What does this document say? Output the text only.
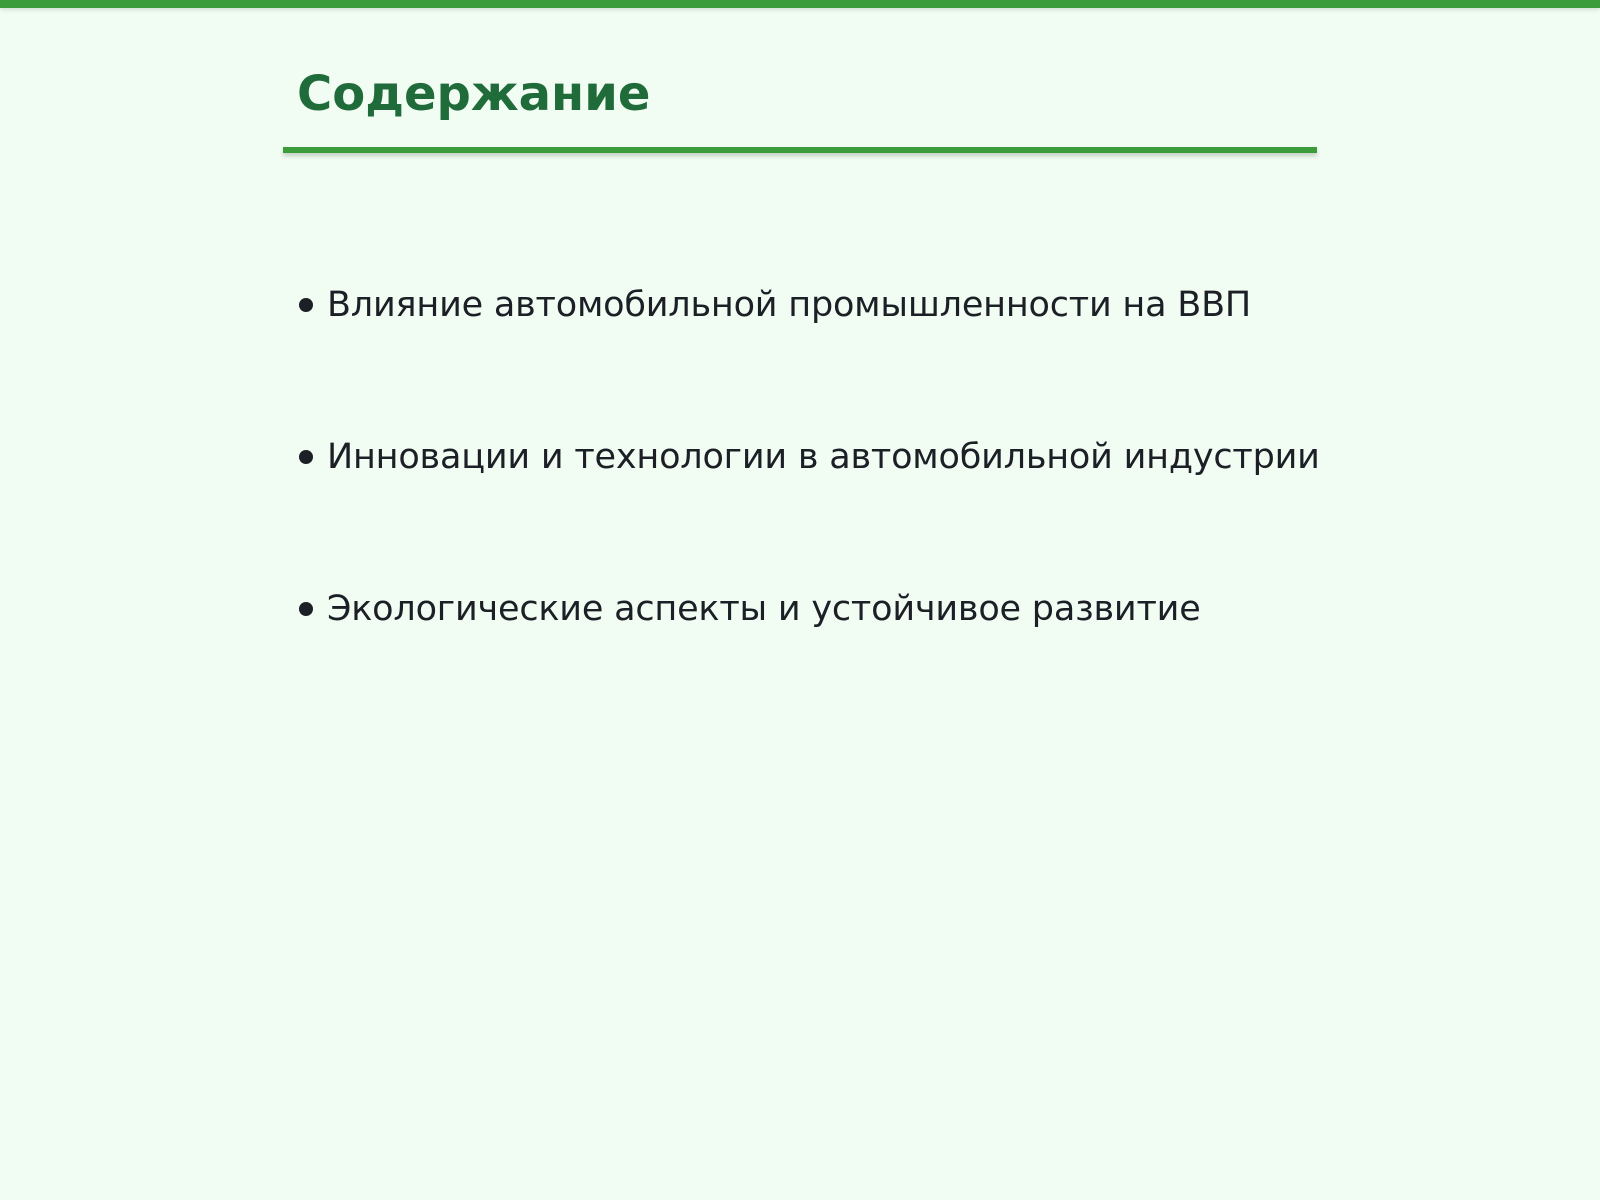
Содержание
Влияние автомобильной промышленности на ВВП
Инновации и технологии в автомобильной индустрии
Экологические аспекты и устойчивое развитие
